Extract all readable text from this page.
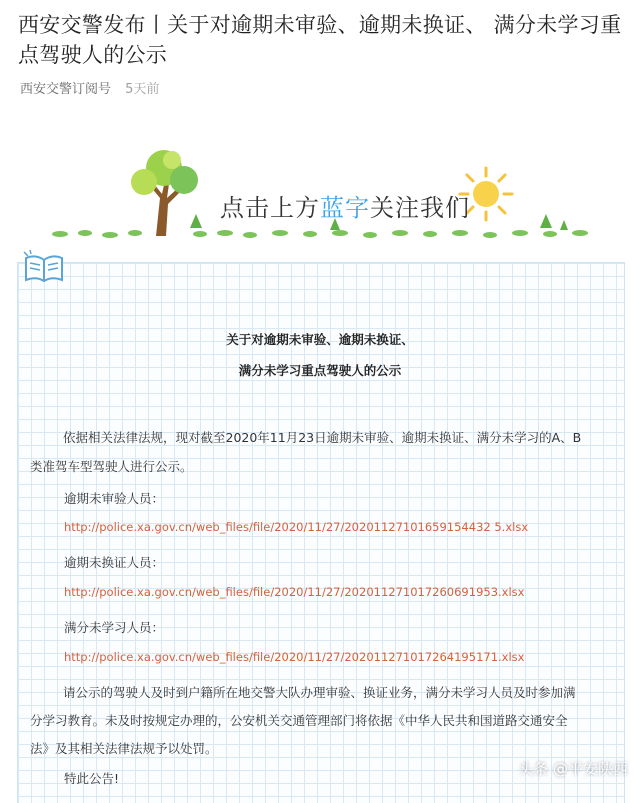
西安交警发布丨关于对逾期未审验、逾期未换证、 满分未学习重点驾驶人的公示
西安交警订阅号 5天前
点击上方蓝字关注我们
关于对逾期未审验、逾期未换证、
满分未学习重点驾驶人的公示
依据相关法律法规，现对截至2020年11月23日逾期未审验、逾期未换证、满分未学习的A、B
类准驾车型驾驶人进行公示。
逾期未审验人员：
http://police.xa.gov.cn/web_files/file/2020/11/27/20201127101659154432 5.xlsx
逾期未换证人员：
http://police.xa.gov.cn/web_files/file/2020/11/27/202011271017260691953.xlsx
满分未学习人员：
http://police.xa.gov.cn/web_files/file/2020/11/27/202011271017264195171.xlsx
请公示的驾驶人及时到户籍所在地交警大队办理审验、换证业务，满分未学习人员及时参加满
分学习教育。未及时按规定办理的，公安机关交通管理部门将依据《中华人民共和国道路交通安全
法》及其相关法律法规予以处罚。
特此公告!
头条 @平安陕西
